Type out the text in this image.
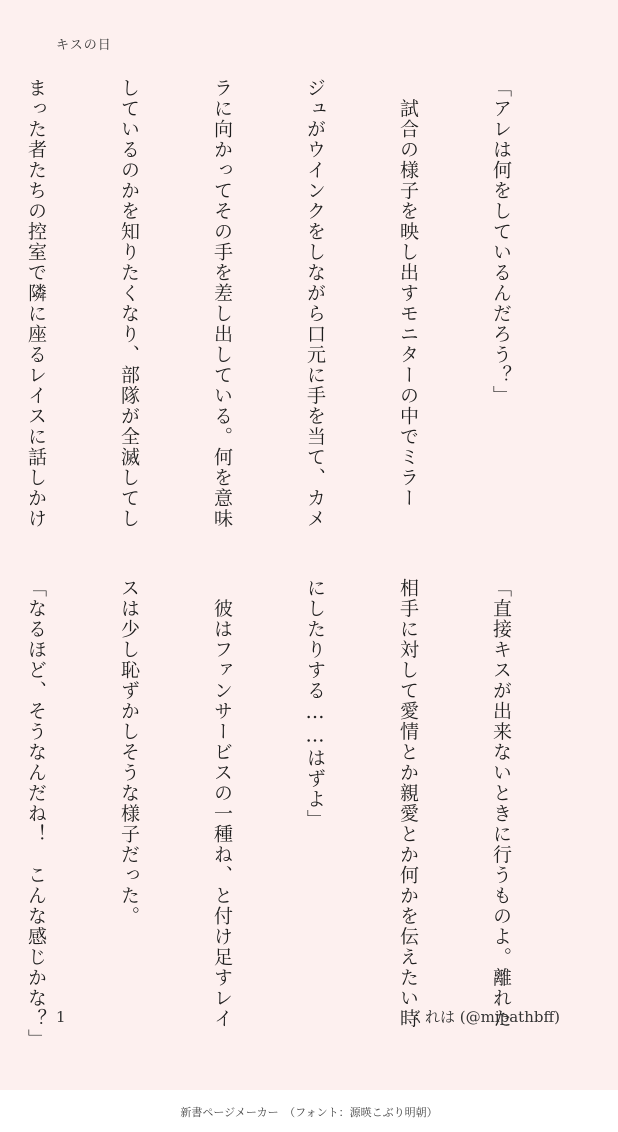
キスの日

「アレは何をしているんだろう？」

　試合の様子を映し出すモニターの中でミラー

ジュがウインクをしながら口元に手を当て、カメ

ラに向かってその手を差し出している。何を意味

しているのかを知りたくなり、部隊が全滅してし

まった者たちの控室で隣に座るレイスに話しかけ

「直接キスが出来ないときに行うものよ。離れた

相手に対して愛情とか親愛とか何かを伝えたい時

にしたりする……はずよ」

　彼はファンサービスの一種ね、と付け足すレイ

スは少し恥ずかしそうな様子だった。

「なるほど、そうなんだね！　こんな感じかな？」

1	くれは (@mipathbff)
新書ページメーカー　（フォント：源暎こぶり明朝）
